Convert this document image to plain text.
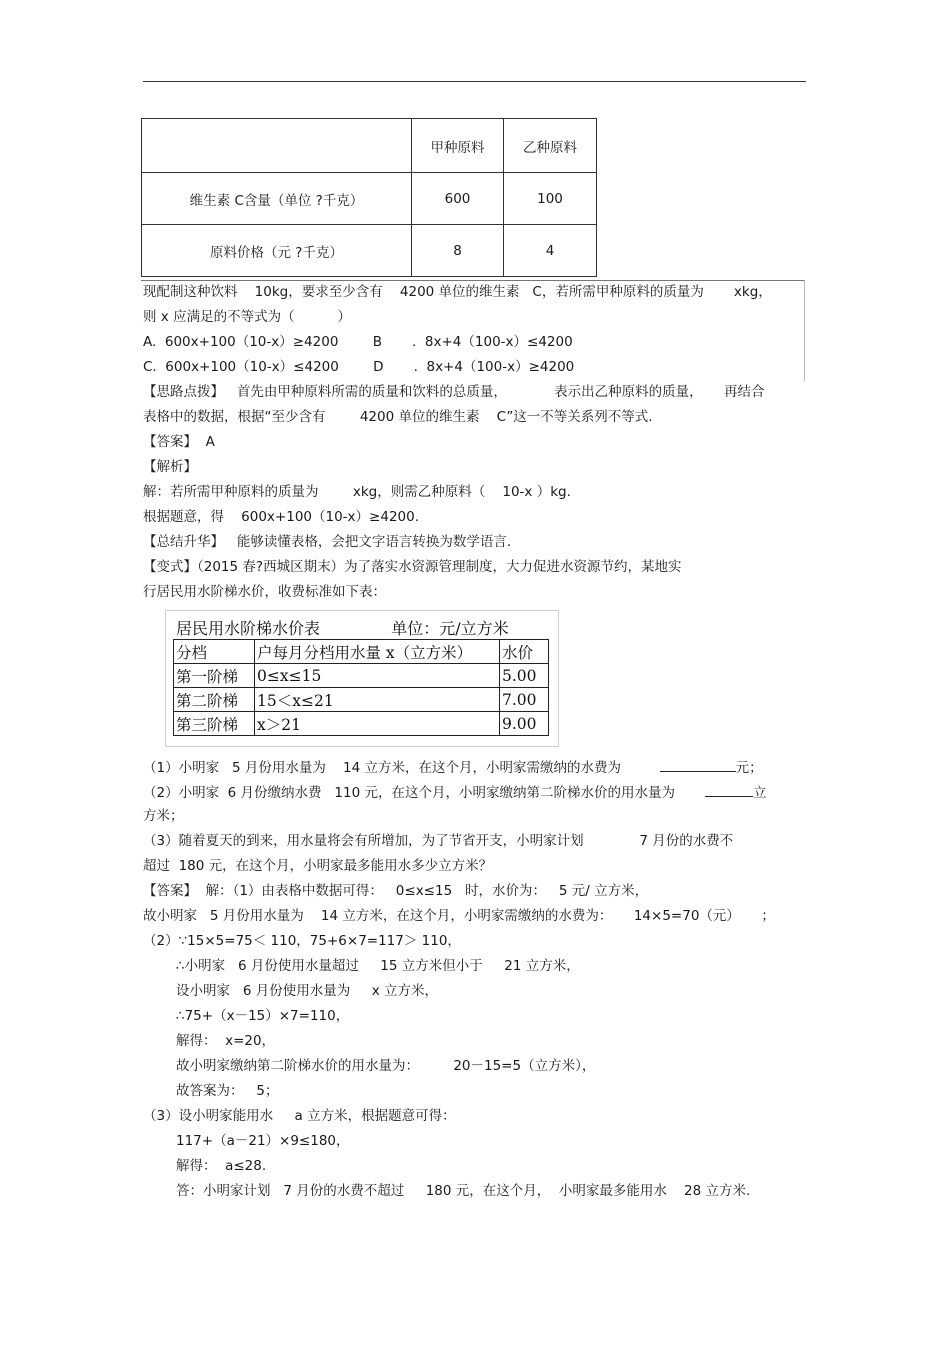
	甲种原料	乙种原料
维生素 C含量（单位 ?千克）	600	100
原料价格（元 ?千克）	8	4
现配制这种饮料    10kg，要求至少含有    4200 单位的维生素   C，若所需甲种原料的质量为       xkg，
则 x 应满足的不等式为（          ）
A.  600x+100（10-x）≥4200        B       .  8x+4（100-x）≤4200
C.  600x+100（10-x）≤4200        D       .  8x+4（100-x）≥4200
【思路点拨】   首先由甲种原料所需的质量和饮料的总质量，           表示出乙种原料的质量，     再结合
表格中的数据，根据“至少含有        4200 单位的维生素    C”这一不等关系列不等式.
【答案】  A
【解析】
解：若所需甲种原料的质量为        xkg，则需乙种原料（    10-x ）kg.
根据题意，得    600x+100（10-x）≥4200.
【总结升华】   能够读懂表格，会把文字语言转换为数学语言.
【变式】（2015 春?西城区期末）为了落实水资源管理制度，大力促进水资源节约，某地实
行居民用水阶梯水价，收费标准如下表：
居民用水阶梯水价表              单位：元/立方米
分档	户每月分档用水量 x（立方米）	水价
第一阶梯	0≤x≤15	5.00
第二阶梯	15＜x≤21	7.00
第三阶梯	x＞21	9.00
（1）小明家   5 月份用水量为    14 立方米，在这个月，小明家需缴纳的水费为	元；
（2）小明家  6 月份缴纳水费   110 元，在这个月，小明家缴纳第二阶梯水价的用水量为	立
方米；
（3）随着夏天的到来，用水量将会有所增加，为了节省开支，小明家计划             7 月份的水费不
超过  180 元，在这个月，小明家最多能用水多少立方米？
【答案】  解：（1）由表格中数据可得：   0≤x≤15   时，水价为：   5 元/ 立方米，
故小明家   5 月份用水量为    14 立方米，在这个月，小明家需缴纳的水费为：     14×5=70（元）     ；
（2）∵15×5=75＜ 110，75+6×7=117＞ 110，
∴小明家   6 月份使用水量超过     15 立方米但小于     21 立方米，
设小明家   6 月份使用水量为     x 立方米，
∴75+（x－15）×7=110，
解得：  x=20，
故小明家缴纳第二阶梯水价的用水量为：        20－15=5（立方米），
故答案为：   5；
（3）设小明家能用水     a 立方米，根据题意可得：
117+（a－21）×9≤180，
解得：  a≤28.
答：小明家计划   7 月份的水费不超过     180 元，在这个月，  小明家最多能用水    28 立方米.
